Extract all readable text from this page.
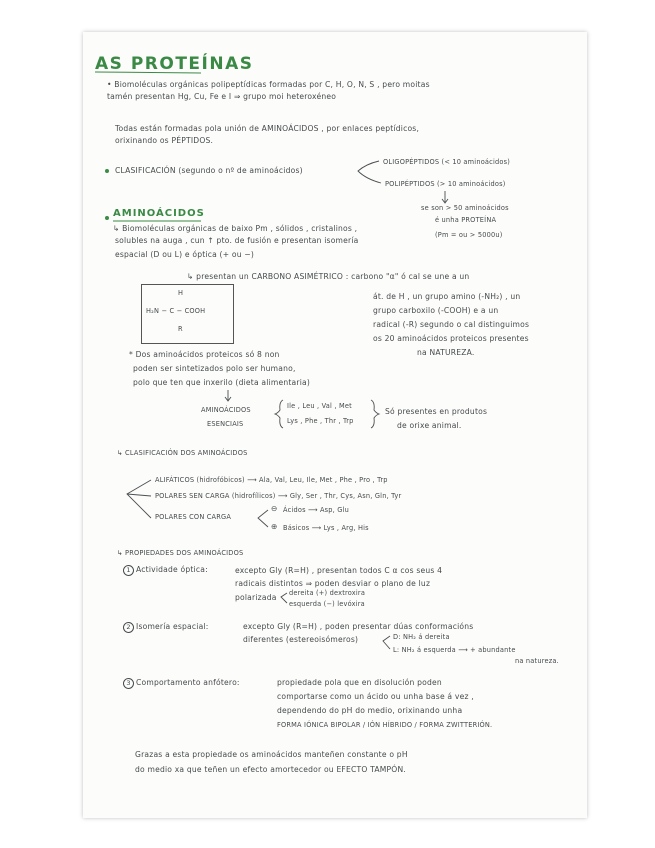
AS PROTEÍNAS
• Biomoléculas orgánicas polipeptídicas formadas por C, H, O, N, S , pero moitas
tamén presentan Hg, Cu, Fe e I ⇒ grupo moi heteroxéneo
Todas están formadas pola unión de AMINOÁCIDOS , por enlaces peptídicos,
orixinando os PÉPTIDOS.
CLASIFICACIÓN (segundo o nº de aminoácidos)
OLIGOPÉPTIDOS (< 10 aminoácidos)
POLIPÉPTIDOS (> 10 aminoácidos)
se son > 50 aminoácidos
é unha PROTEÍNA
(Pm = ou > 5000u)
AMINOÁCIDOS
↳ Biomoléculas orgánicas de baixo Pm , sólidos , cristalinos ,
solubles na auga , cun ↑ pto. de fusión e presentan isomería
espacial (D ou L) e óptica (+ ou −)
↳ presentan un CARBONO ASIMÉTRICO : carbono "α" ó cal se une a un
át. de H , un grupo amino (-NH₂) , un
grupo carboxilo (-COOH) e a un
radical (-R) segundo o cal distinguimos
os 20 aminoácidos proteicos presentes
na NATUREZA.
H
H₂N − C − COOH
R
* Dos aminoácidos proteicos só 8 non
poden ser sintetizados polo ser humano,
polo que ten que inxerilo (dieta alimentaria)
AMINOÁCIDOS
ESENCIAIS
Ile , Leu , Val , Met
Lys , Phe , Thr , Trp
Só presentes en produtos
de orixe animal.
↳ CLASIFICACIÓN DOS AMINOÁCIDOS
ALIFÁTICOS (hidrofóbicos) ⟶ Ala, Val, Leu, Ile, Met , Phe , Pro , Trp
POLARES SEN CARGA (hidrofílicos) ⟶ Gly, Ser , Thr, Cys, Asn, Gln, Tyr
POLARES CON CARGA
⊖ Ácidos ⟶ Asp, Glu
⊕ Básicos ⟶ Lys , Arg, His
↳ PROPIEDADES DOS AMINOÁCIDOS
1 Actividade óptica:	excepto Gly (R=H) , presentan todos C α cos seus 4
radicais distintos ⇒ poden desviar o plano de luz
polarizada dereita (+) dextroxira
esquerda (−) levóxira
2 Isomería espacial:	excepto Gly (R=H) , poden presentar dúas conformacións
diferentes (estereoisómeros)	D: NH₂ á dereita
L: NH₂ á esquerda ⟶ + abundante
na natureza.
3 Comportamento anfótero:	propiedade pola que en disolución poden
comportarse como un ácido ou unha base á vez ,
dependendo do pH do medio, orixinando unha
FORMA IÓNICA BIPOLAR / IÓN HÍBRIDO / FORMA ZWITTERIÓN.
Grazas a esta propiedade os aminoácidos manteñen constante o pH
do medio xa que teñen un efecto amortecedor ou EFECTO TAMPÓN.
